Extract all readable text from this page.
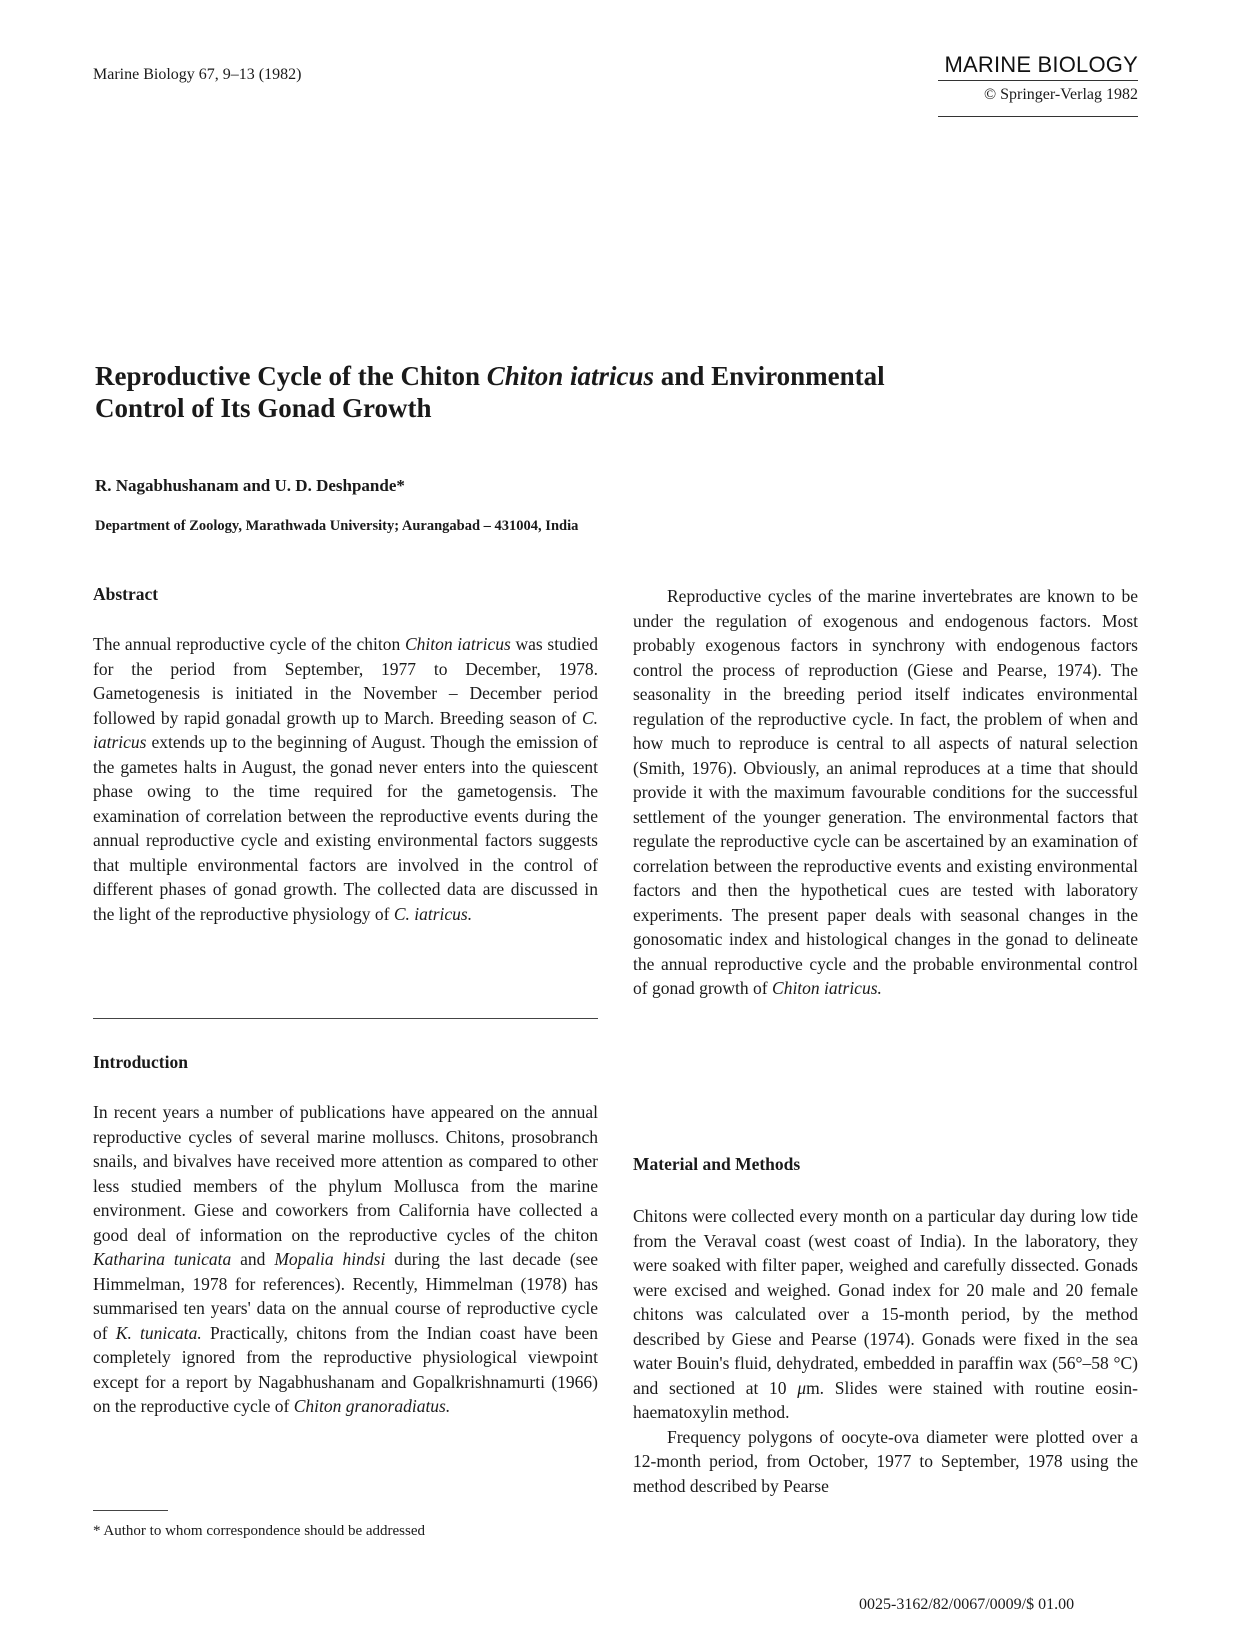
Marine Biology 67, 9–13 (1982)	MARINE BIOLOGY
© Springer-Verlag 1982
Reproductive Cycle of the Chiton Chiton iatricus and Environmental
Control of Its Gonad Growth
R. Nagabhushanam and U. D. Deshpande*
Department of Zoology, Marathwada University; Aurangabad – 431004, India
Abstract

The annual reproductive cycle of the chiton Chiton iatricus was studied for the period from September, 1977 to December, 1978. Gametogenesis is initiated in the November – December period followed by rapid gonadal growth up to March. Breeding season of C. iatricus extends up to the beginning of August. Though the emission of the gametes halts in August, the gonad never enters into the quiescent phase owing to the time required for the gametogensis. The examination of correlation between the reproductive events during the annual reproductive cycle and existing environmental factors suggests that multiple environmental factors are involved in the control of different phases of gonad growth. The collected data are discussed in the light of the reproductive physiology of C. iatricus.

Introduction

In recent years a number of publications have appeared on the annual reproductive cycles of several marine molluscs. Chitons, prosobranch snails, and bivalves have received more attention as compared to other less studied members of the phylum Mollusca from the marine environment. Giese and coworkers from California have collected a good deal of information on the reproductive cycles of the chiton Katharina tunicata and Mopalia hindsi during the last decade (see Himmelman, 1978 for references). Recently, Himmelman (1978) has summarised ten years' data on the annual course of reproductive cycle of K. tunicata. Practically, chitons from the Indian coast have been completely ignored from the reproductive physiological viewpoint except for a report by Nagabhushanam and Gopalkrishnamurti (1966) on the reproductive cycle of Chiton granoradiatus.

* Author to whom correspondence should be addressed

Reproductive cycles of the marine invertebrates are known to be under the regulation of exogenous and endogenous factors. Most probably exogenous factors in synchrony with endogenous factors control the process of reproduction (Giese and Pearse, 1974). The seasonality in the breeding period itself indicates environmental regulation of the reproductive cycle. In fact, the problem of when and how much to reproduce is central to all aspects of natural selection (Smith, 1976). Obviously, an animal reproduces at a time that should provide it with the maximum favourable conditions for the successful settlement of the younger generation. The environmental factors that regulate the reproductive cycle can be ascertained by an examination of correlation between the reproductive events and existing environmental factors and then the hypothetical cues are tested with laboratory experiments. The present paper deals with seasonal changes in the gonosomatic index and histological changes in the gonad to delineate the annual reproductive cycle and the probable environmental control of gonad growth of Chiton iatricus.

Material and Methods

Chitons were collected every month on a particular day during low tide from the Veraval coast (west coast of India). In the laboratory, they were soaked with filter paper, weighed and carefully dissected. Gonads were excised and weighed. Gonad index for 20 male and 20 female chitons was calculated over a 15-month period, by the method described by Giese and Pearse (1974). Gonads were fixed in the sea water Bouin's fluid, dehydrated, embedded in paraffin wax (56°–58 °C) and sectioned at 10 μm. Slides were stained with routine eosin-haematoxylin method.

Frequency polygons of oocyte-ova diameter were plotted over a 12-month period, from October, 1977 to September, 1978 using the method described by Pearse

0025-3162/82/0067/0009/$ 01.00
